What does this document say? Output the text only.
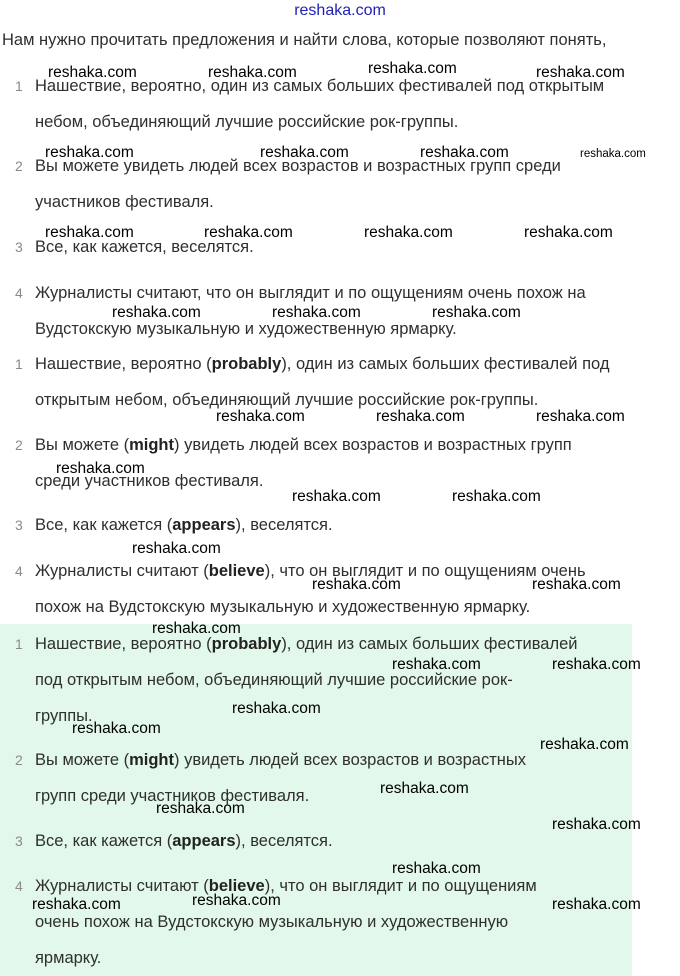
reshaka.com
Нам нужно прочитать предложения и найти слова, которые позволяют понять,
1 Нашествие, вероятно, один из самых больших фестивалей под открытым
небом, объединяющий лучшие российские рок-группы.
2 Вы можете увидеть людей всех возрастов и возрастных групп среди
участников фестиваля.
3 Все, как кажется, веселятся.
4 Журналисты считают, что он выглядит и по ощущениям очень похож на
Вудстокскую музыкальную и художественную ярмарку.
1 Нашествие, вероятно (probably), один из самых больших фестивалей под
открытым небом, объединяющий лучшие российские рок-группы.
2 Вы можете (might) увидеть людей всех возрастов и возрастных групп
среди участников фестиваля.
3 Все, как кажется (appears), веселятся.
4 Журналисты считают (believe), что он выглядит и по ощущениям очень
похож на Вудстокскую музыкальную и художественную ярмарку.
1 Нашествие, вероятно (probably), один из самых больших фестивалей
под открытым небом, объединяющий лучшие российские рок-
группы.
2 Вы можете (might) увидеть людей всех возрастов и возрастных
групп среди участников фестиваля.
3 Все, как кажется (appears), веселятся.
4 Журналисты считают (believe), что он выглядит и по ощущениям
очень похож на Вудстокскую музыкальную и художественную
ярмарку.
reshaka.com	reshaka.com	reshaka.com	reshaka.com
reshaka.com	reshaka.com	reshaka.com	reshaka.com
reshaka.com	reshaka.com	reshaka.com	reshaka.com
reshaka.com	reshaka.com	reshaka.com
reshaka.com	reshaka.com	reshaka.com
reshaka.com
reshaka.com	reshaka.com
reshaka.com
reshaka.com	reshaka.com
reshaka.com
reshaka.com	reshaka.com
reshaka.com
reshaka.com
reshaka.com
reshaka.com
reshaka.com
reshaka.com
reshaka.com
reshaka.com
reshaka.com	reshaka.com
